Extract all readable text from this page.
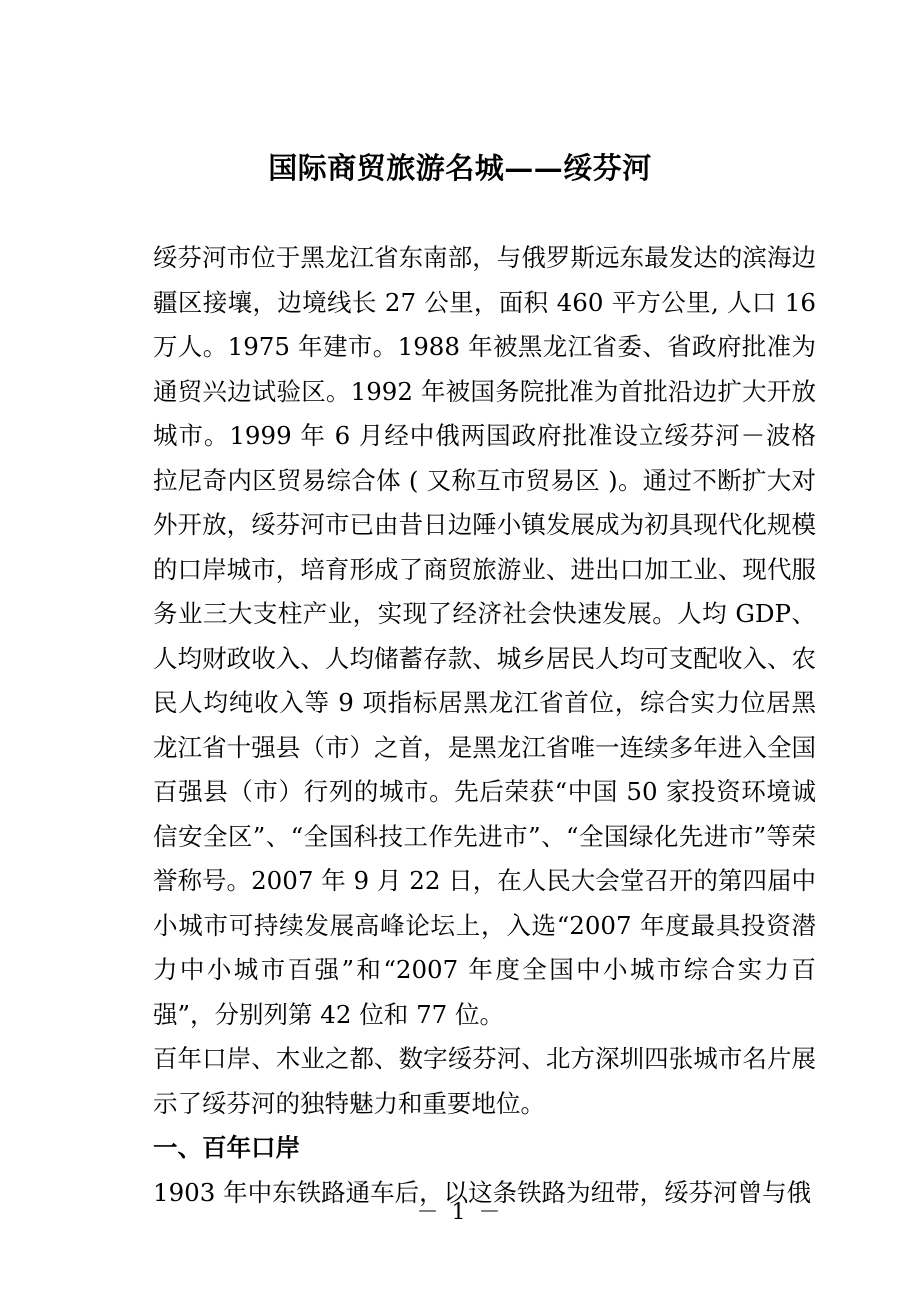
国际商贸旅游名城——绥芬河

绥芬河市位于黑龙江省东南部，与俄罗斯远东最发达的滨海边疆区接壤，边境线长 27 公里，面积 460 平方公里, 人口 16 万人。1975 年建市。1988 年被黑龙江省委、省政府批准为通贸兴边试验区。1992 年被国务院批准为首批沿边扩大开放城市。1999 年 6 月经中俄两国政府批准设立绥芬河－波格拉尼奇内区贸易综合体 ( 又称互市贸易区 )。通过不断扩大对外开放，绥芬河市已由昔日边陲小镇发展成为初具现代化规模的口岸城市，培育形成了商贸旅游业、进出口加工业、现代服务业三大支柱产业，实现了经济社会快速发展。人均 GDP、人均财政收入、人均储蓄存款、城乡居民人均可支配收入、农民人均纯收入等 9 项指标居黑龙江省首位，综合实力位居黑龙江省十强县（市）之首，是黑龙江省唯一连续多年进入全国百强县（市）行列的城市。先后荣获“中国 50 家投资环境诚信安全区”、“全国科技工作先进市”、“全国绿化先进市”等荣誉称号。2007 年 9 月 22 日，在人民大会堂召开的第四届中小城市可持续发展高峰论坛上，入选“2007 年度最具投资潜力中小城市百强”和“2007 年度全国中小城市综合实力百强”，分别列第 42 位和 77 位。

百年口岸、木业之都、数字绥芬河、北方深圳四张城市名片展示了绥芬河的独特魅力和重要地位。

一、百年口岸

1903 年中东铁路通车后，以这条铁路为纽带，绥芬河曾与俄

－ 1 －
